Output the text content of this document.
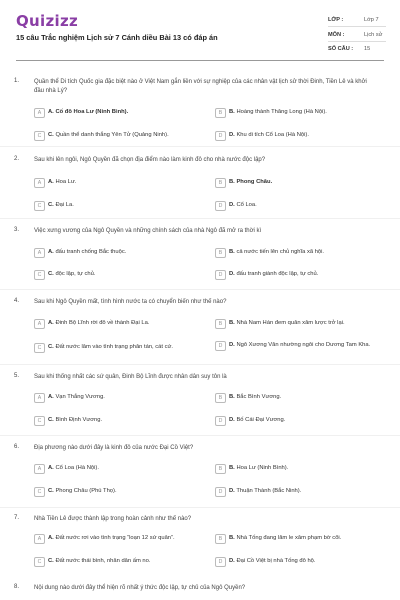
Quizizz
15 câu Trắc nghiệm Lịch sử 7 Cánh diều Bài 13 có đáp án
LỚP :	Lớp 7
MÔN :	Lịch sử
SỐ CÂU : 15
1. Quần thể Di tích Quốc gia đặc biệt nào ở Việt Nam gắn liền với sự nghiệp của các nhân vật lịch sử thời Đinh, Tiền Lê và khởi đầu nhà Lý?
A	A. Cố đô Hoa Lư (Ninh Bình).	B	B. Hoàng thành Thăng Long (Hà Nội).
C	C. Quần thể danh thắng Yên Tử (Quảng Ninh).	D	D. Khu di tích Cổ Loa (Hà Nội).
2. Sau khi lên ngôi, Ngô Quyền đã chọn địa điểm nào làm kinh đô cho nhà nước độc lập?
A	A. Hoa Lư.	B	B. Phong Châu.
C	C. Đại La.	D	D. Cổ Loa.
3. Việc xưng vương của Ngô Quyền và những chính sách của nhà Ngô đã mở ra thời kì
A	A. đấu tranh chống Bắc thuộc.	B	B. cả nước tiến lên chủ nghĩa xã hội.
C	C. độc lập, tự chủ.	D	D. đấu tranh giành độc lập, tự chủ.
4. Sau khi Ngô Quyền mất, tình hình nước ta có chuyển biến như thế nào?
A	A. Đinh Bộ Lĩnh rời đô về thành Đại La.	B	B. Nhà Nam Hán đem quân xâm lược trở lại.
C	C. Đất nước lâm vào tình trạng phân tán, cát cứ.	D	D. Ngô Xương Văn nhường ngôi cho Dương Tam Kha.
5. Sau khi thống nhất các sứ quân, Đinh Bộ Lĩnh được nhân dân suy tôn là
A	A. Vạn Thắng Vương.	B	B. Bắc Bình Vương.
C	C. Bình Định Vương.	D	D. Bố Cái Đại Vương.
6. Địa phương nào dưới đây là kinh đô của nước Đại Cồ Việt?
A	A. Cổ Loa (Hà Nội).	B	B. Hoa Lư (Ninh Bình).
C	C. Phong Châu (Phú Thọ).	D	D. Thuận Thành (Bắc Ninh).
7. Nhà Tiền Lê được thành lập trong hoàn cảnh như thế nào?
A	A. Đất nước rơi vào tình trạng “loạn 12 sứ quân”.	B	B. Nhà Tống đang lăm le xâm phạm bờ cõi.
C	C. Đất nước thái bình, nhân dân ấm no.	D	D. Đại Cồ Việt bị nhà Tống đô hộ.
8. Nội dung nào dưới đây thể hiện rõ nhất ý thức độc lập, tự chủ của Ngô Quyền?
